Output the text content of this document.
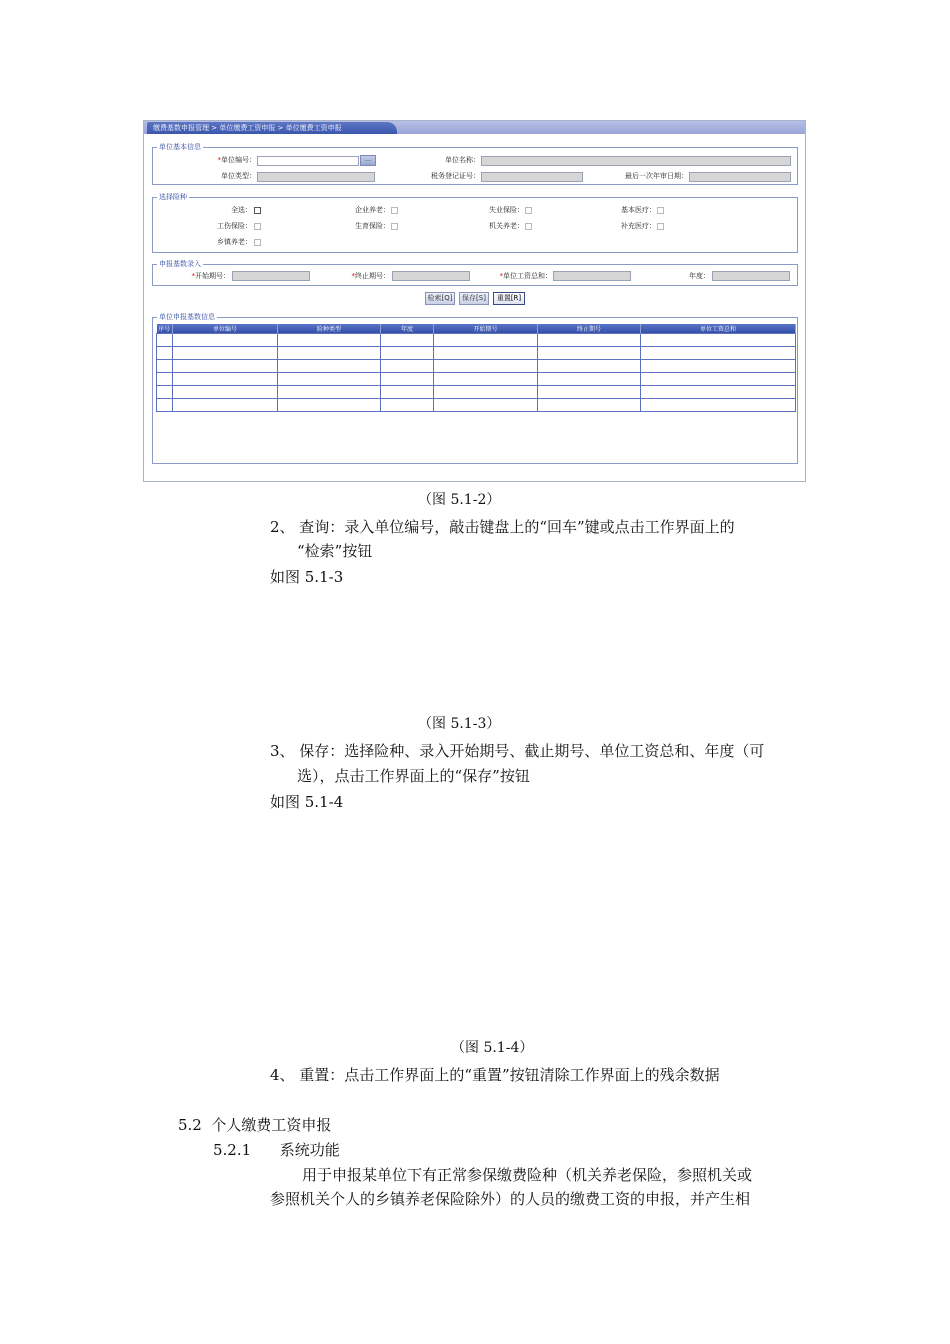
缴费基数申报管理 > 单位缴费工资申报 > 单位缴费工资申报
单位基本信息
*单位编号：	…	单位名称：
单位类型：	税务登记证号：	最后一次年审日期：
选择险种
全选：	企业养老：	失业保险：	基本医疗：
工伤保险：	生育保险：	机关养老：	补充医疗：
乡镇养老：
申报基数录入
*开始期号：	*终止期号：	*单位工资总和：	年度：
检索[Q]	保存[S]	重置[R]
单位申报基数信息
序号	单位编号	险种类型	年度	开始期号	终止期号	单位工资总和

（图 5.1-2）
2、 查询：录入单位编号，敲击键盘上的“回车”键或点击工作界面上的
“检索”按钮
如图 5.1-3
（图 5.1-3）
3、 保存：选择险种、录入开始期号、截止期号、单位工资总和、年度（可
选），点击工作界面上的“保存”按钮
如图 5.1-4
（图 5.1-4）
4、 重置：点击工作界面上的“重置”按钮清除工作界面上的残余数据
5.2 个人缴费工资申报
5.2.1 系统功能
用于申报某单位下有正常参保缴费险种（机关养老保险，参照机关或
参照机关个人的乡镇养老保险除外）的人员的缴费工资的申报，并产生相
